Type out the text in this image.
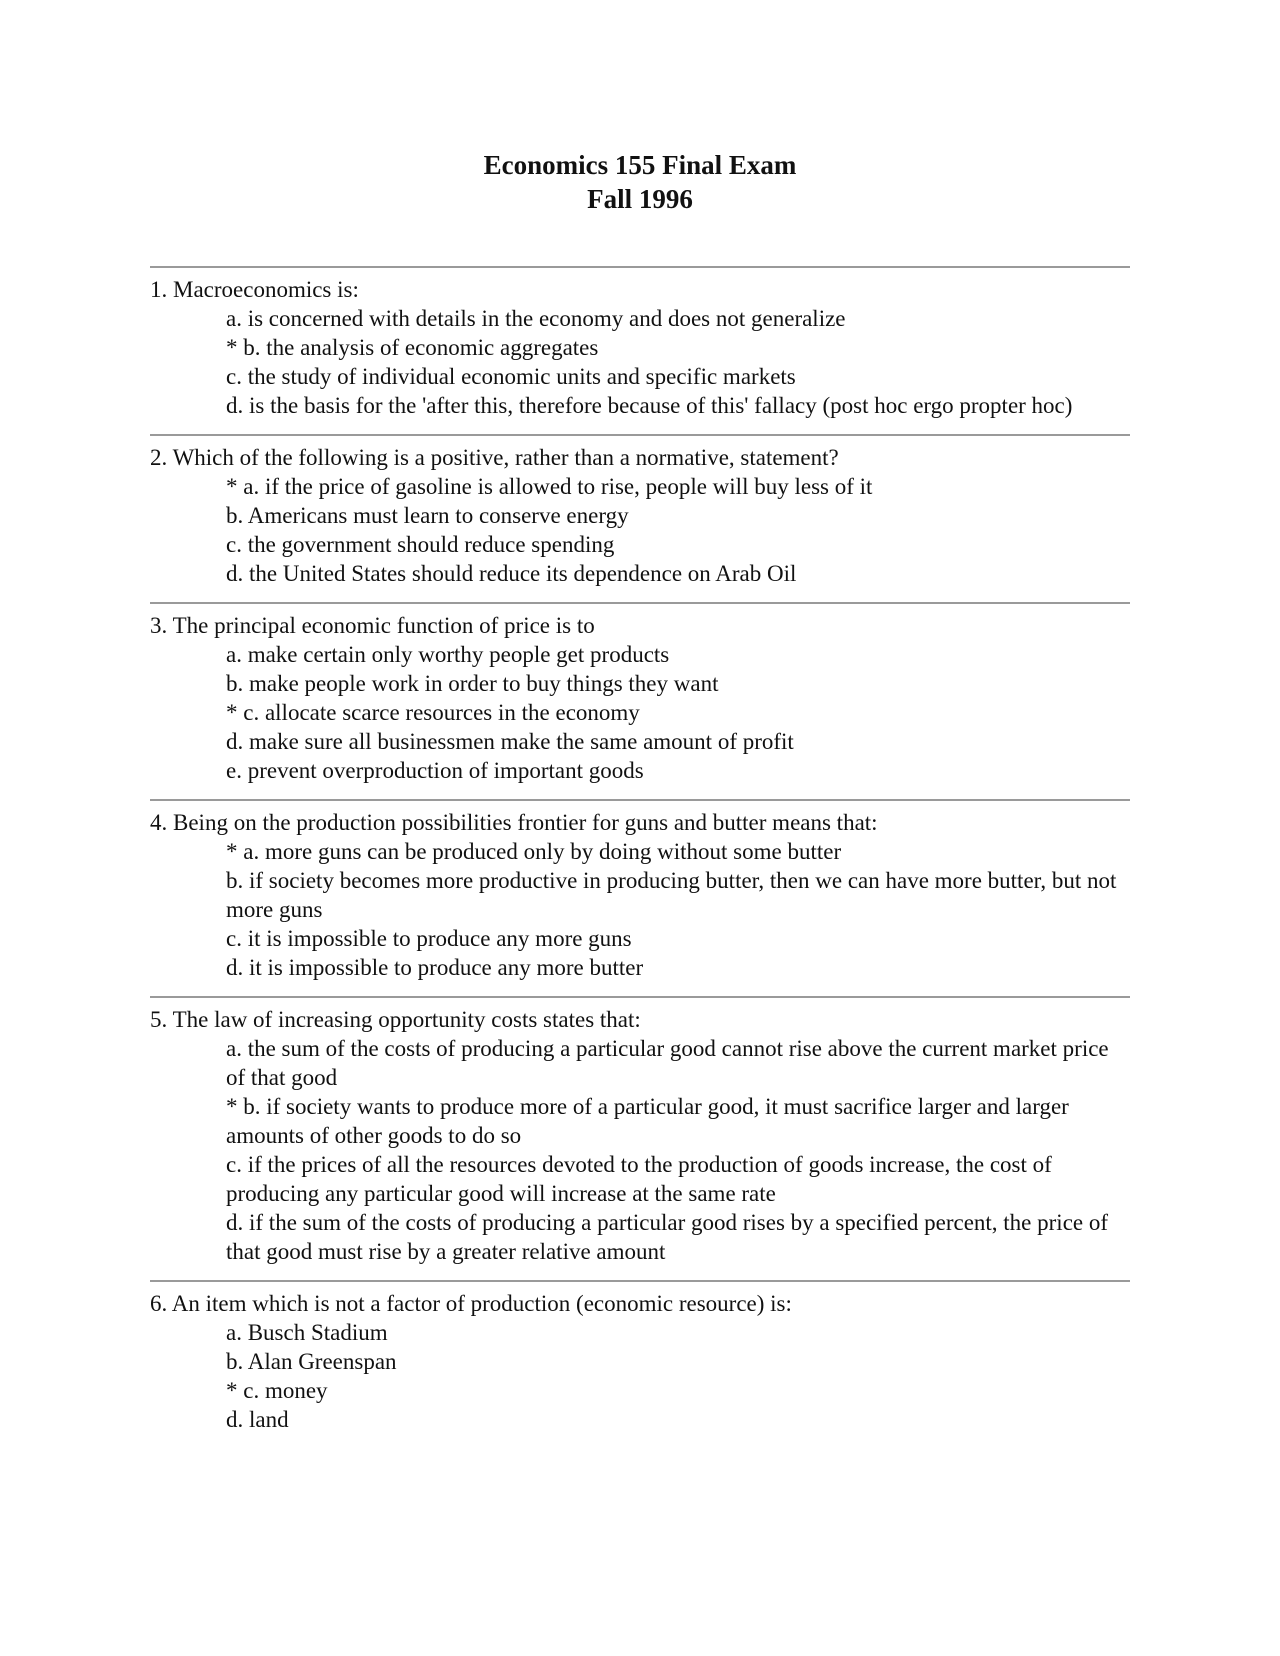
Economics 155 Final Exam
Fall 1996

1. Macroeconomics is:

a. is concerned with details in the economy and does not generalize
* b. the analysis of economic aggregates
c. the study of individual economic units and specific markets
d. is the basis for the 'after this, therefore because of this' fallacy (post hoc ergo propter hoc)

2. Which of the following is a positive, rather than a normative, statement?

* a. if the price of gasoline is allowed to rise, people will buy less of it
b. Americans must learn to conserve energy
c. the government should reduce spending
d. the United States should reduce its dependence on Arab Oil

3. The principal economic function of price is to

a. make certain only worthy people get products
b. make people work in order to buy things they want
* c. allocate scarce resources in the economy
d. make sure all businessmen make the same amount of profit
e. prevent overproduction of important goods

4. Being on the production possibilities frontier for guns and butter means that:

* a. more guns can be produced only by doing without some butter
b. if society becomes more productive in producing butter, then we can have more butter, but not more guns
c. it is impossible to produce any more guns
d. it is impossible to produce any more butter

5. The law of increasing opportunity costs states that:

a. the sum of the costs of producing a particular good cannot rise above the current market price of that good
* b. if society wants to produce more of a particular good, it must sacrifice larger and larger amounts of other goods to do so
c. if the prices of all the resources devoted to the production of goods increase, the cost of producing any particular good will increase at the same rate
d. if the sum of the costs of producing a particular good rises by a specified percent, the price of that good must rise by a greater relative amount

6. An item which is not a factor of production (economic resource) is:

a. Busch Stadium
b. Alan Greenspan
* c. money
d. land
